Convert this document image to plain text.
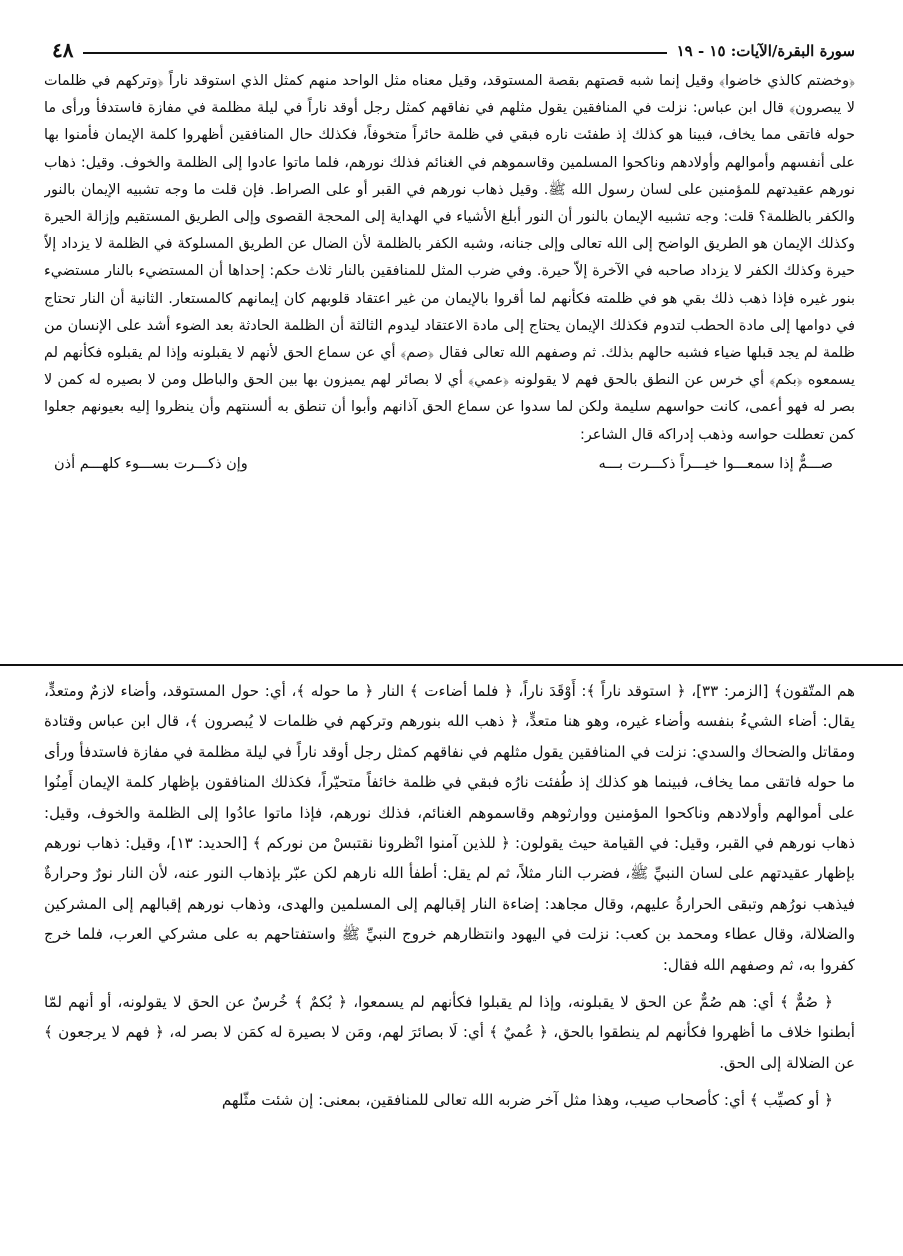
سورة البقرة/الآيات: ١٥ - ١٩
٤٨

﴿وخضتم كالذي خاضوا﴾ وقيل إنما شبه قصتهم بقصة المستوقد، وقيل معناه مثل الواحد منهم كمثل الذي استوقد ناراً ﴿وتركهم في ظلمات لا يبصرون﴾ قال ابن عباس: نزلت في المنافقين يقول مثلهم في نفاقهم كمثل رجل أوقد ناراً في ليلة مظلمة في مفازة فاستدفأ ورأى ما حوله فاتقى مما يخاف، فبينا هو كذلك إذ طفئت ناره فبقي في ظلمة حائراً متخوفاً، فكذلك حال المنافقين أظهروا كلمة الإيمان فأمنوا بها على أنفسهم وأموالهم وأولادهم وناكحوا المسلمين وقاسموهم في الغنائم فذلك نورهم، فلما ماتوا عادوا إلى الظلمة والخوف. وقيل: ذهاب نورهم عقيدتهم للمؤمنين على لسان رسول الله ﷺ. وقيل ذهاب نورهم في القبر أو على الصراط. فإن قلت ما وجه تشبيه الإيمان بالنور والكفر بالظلمة؟ قلت: وجه تشبيه الإيمان بالنور أن النور أبلغ الأشياء في الهداية إلى المحجة القصوى وإلى الطريق المستقيم وإزالة الحيرة وكذلك الإيمان هو الطريق الواضح إلى الله تعالى وإلى جنانه، وشبه الكفر بالظلمة لأن الضال عن الطريق المسلوكة في الظلمة لا يزداد إلاّ حيرة وكذلك الكفر لا يزداد صاحبه في الآخرة إلاّ حيرة. وفي ضرب المثل للمنافقين بالنار ثلاث حكم: إحداها أن المستضيء بالنار مستضيء بنور غيره فإذا ذهب ذلك بقي هو في ظلمته فكأنهم لما أقروا بالإيمان من غير اعتقاد قلوبهم كان إيمانهم كالمستعار. الثانية أن النار تحتاج في دوامها إلى مادة الحطب لتدوم فكذلك الإيمان يحتاج إلى مادة الاعتقاد ليدوم الثالثة أن الظلمة الحادثة بعد الضوء أشد على الإنسان من ظلمة لم يجد قبلها ضياء فشبه حالهم بذلك. ثم وصفهم الله تعالى فقال ﴿صم﴾ أي عن سماع الحق لأنهم لا يقبلونه وإذا لم يقبلوه فكأنهم لم يسمعوه ﴿بكم﴾ أي خرس عن النطق بالحق فهم لا يقولونه ﴿عمي﴾ أي لا بصائر لهم يميزون بها بين الحق والباطل ومن لا بصيره له كمن لا بصر له فهو أعمى، كانت حواسهم سليمة ولكن لما سدوا عن سماع الحق آذانهم وأبوا أن تنطق به ألسنتهم وأن ينظروا إليه بعيونهم جعلوا كمن تعطلت حواسه وذهب إدراكه قال الشاعر:

صـــمٌّ إذا سمعـــوا خيـــراً ذكـــرت بـــه
وإن ذكـــرت بســـوء كلهـــم أذن

هم المتّقون﴾ [الزمر: ٣٣]، ﴿ استوقد ناراً ﴾: أَوْقَدَ ناراً، ﴿ فلما أضاءت ﴾ النار ﴿ ما حوله ﴾، أي: حول المستوقد، وأضاء لازمٌ ومتعدٍّ، يقال: أضاء الشيءُ بنفسه وأضاء غيره، وهو هنا متعدٍّ، ﴿ ذهب الله بنورهم وتركهم في ظلمات لا يُبصرون ﴾، قال ابن عباس وقتادة ومقاتل والضحاك والسدي: نزلت في المنافقين يقول مثلهم في نفاقهم كمثل رجل أوقد ناراً في ليلة مظلمة في مفازة فاستدفأ ورأى ما حوله فاتقى مما يخاف، فبينما هو كذلك إذ طُفئت نارُه فبقي في ظلمة خائفاً متحيّراً، فكذلك المنافقون بإظهار كلمة الإيمان أَمِنُوا على أموالهم وأولادهم وناكحوا المؤمنين ووارثوهم وقاسموهم الغنائم، فذلك نورهم، فإذا ماتوا عادُوا إلى الظلمة والخوف، وقيل: ذهاب نورهم في القبر، وقيل: في القيامة حيث يقولون: ﴿ للذين آمنوا انْظرونا نقتبسْ من نوركم ﴾ [الحديد: ١٣]، وقيل: ذهاب نورهم بإظهار عقيدتهم على لسان النبيِّ ﷺ، فضرب النار مثلاً، ثم لم يقل: أطفأ الله نارهم لكن عبّر بإذهاب النور عنه، لأن النار نورٌ وحرارةٌ فيذهب نورُهم وتبقى الحرارةُ عليهم، وقال مجاهد: إضاءة النار إقبالهم إلى المسلمين والهدى، وذهاب نورهم إقبالهم إلى المشركين والضلالة، وقال عطاء ومحمد بن كعب: نزلت في اليهود وانتظارهم خروج النبيِّ ﷺ واستفتاحهم به على مشركي العرب، فلما خرج كفروا به، ثم وصفهم الله فقال:

﴿ صُمٌّ ﴾ أي: هم صُمٌّ عن الحق لا يقبلونه، وإذا لم يقبلوا فكأنهم لم يسمعوا، ﴿ بُكمٌ ﴾ خُرسٌ عن الحق لا يقولونه، أو أنهم لمّا أبطنوا خلاف ما أظهروا فكأنهم لم ينطقوا بالحق، ﴿ عُميٌ ﴾ أي: لَا بصائرَ لهم، ومَن لا بصيرة له كمَن لا بصر له، ﴿ فهم لا يرجعون ﴾ عن الضلالة إلى الحق.

﴿ أو كصيِّب ﴾ أي: كأصحاب صيب، وهذا مثل آخر ضربه الله تعالى للمنافقين، بمعنى: إن شئت مثّلهم
